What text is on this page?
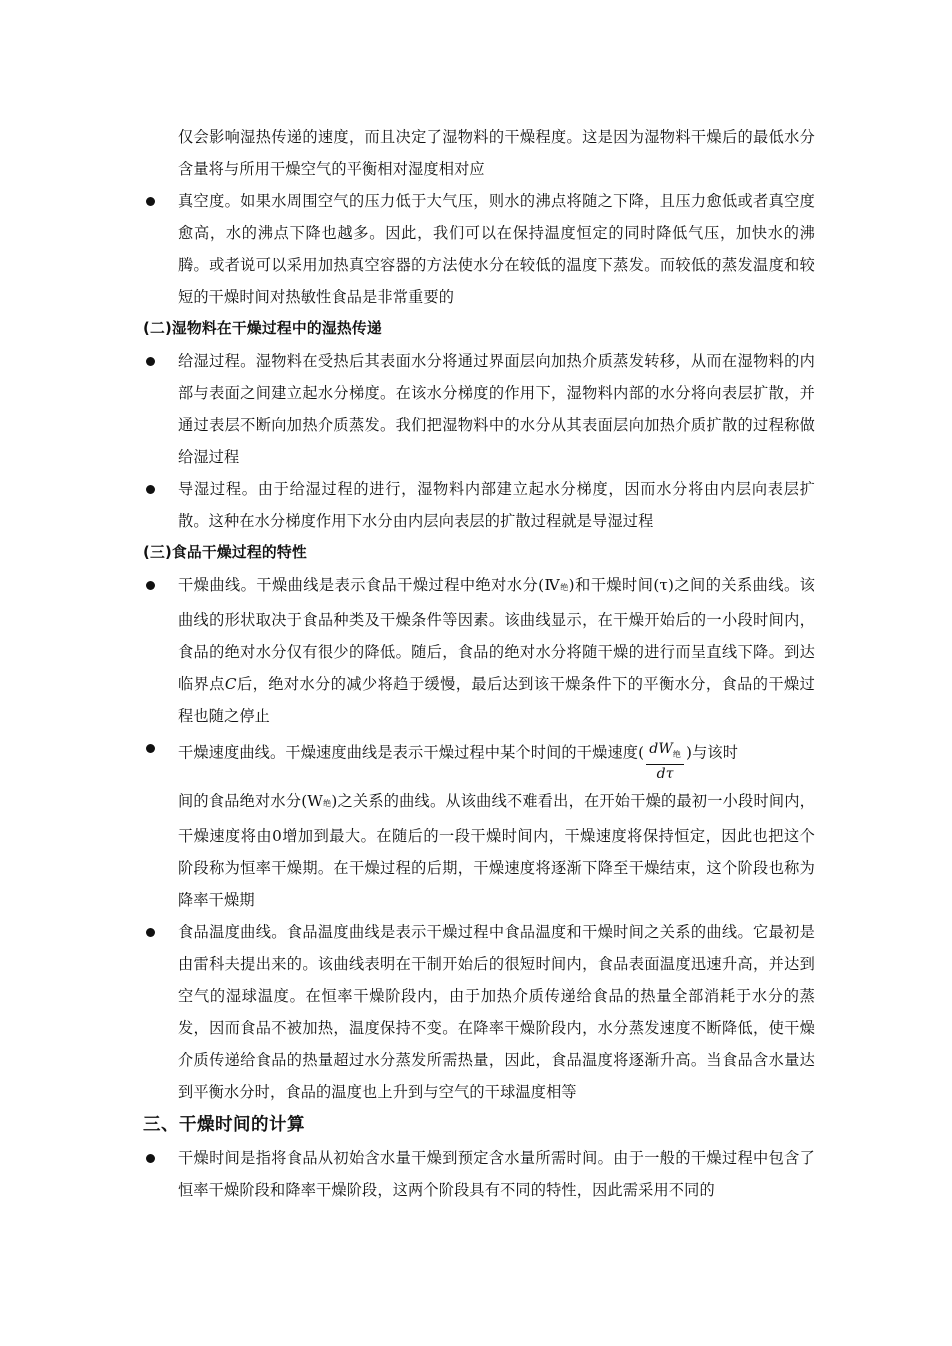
仅会影响湿热传递的速度，而且决定了湿物料的干燥程度。这是因为湿物料干燥后的最低水分含量将与所用干燥空气的平衡相对湿度相对应

真空度。如果水周围空气的压力低于大气压，则水的沸点将随之下降，且压力愈低或者真空度愈高，水的沸点下降也越多。因此，我们可以在保持温度恒定的同时降低气压，加快水的沸腾。或者说可以采用加热真空容器的方法使水分在较低的温度下蒸发。而较低的蒸发温度和较短的干燥时间对热敏性食品是非常重要的

(二)湿物料在干燥过程中的湿热传递

给湿过程。湿物料在受热后其表面水分将通过界面层向加热介质蒸发转移，从而在湿物料的内部与表面之间建立起水分梯度。在该水分梯度的作用下，湿物料内部的水分将向表层扩散，并通过表层不断向加热介质蒸发。我们把湿物料中的水分从其表面层向加热介质扩散的过程称做给湿过程

导湿过程。由于给湿过程的进行，湿物料内部建立起水分梯度，因而水分将由内层向表层扩散。这种在水分梯度作用下水分由内层向表层的扩散过程就是导湿过程

(三)食品干燥过程的特性

干燥曲线。干燥曲线是表示食品干燥过程中绝对水分(Ⅳ绝)和干燥时间(τ)之间的关系曲线。该曲线的形状取决于食品种类及干燥条件等因素。该曲线显示，在干燥开始后的一小段时间内，食品的绝对水分仅有很少的降低。随后，食品的绝对水分将随干燥的进行而呈直线下降。到达临界点C后，绝对水分的减少将趋于缓慢，最后达到该干燥条件下的平衡水分，食品的干燥过程也随之停止

干燥速度曲线。干燥速度曲线是表示干燥过程中某个时间的干燥速度( $\frac{dW_绝}{d\tau}$ )与该时

间的食品绝对水分(W绝)之关系的曲线。从该曲线不难看出，在开始干燥的最初一小段时间内，干燥速度将由0增加到最大。在随后的一段干燥时间内，干燥速度将保持恒定，因此也把这个阶段称为恒率干燥期。在干燥过程的后期，干燥速度将逐渐下降至干燥结束，这个阶段也称为降率干燥期

食品温度曲线。食品温度曲线是表示干燥过程中食品温度和干燥时间之关系的曲线。它最初是由雷科夫提出来的。该曲线表明在干制开始后的很短时间内，食品表面温度迅速升高，并达到空气的湿球温度。在恒率干燥阶段内，由于加热介质传递给食品的热量全部消耗于水分的蒸发，因而食品不被加热，温度保持不变。在降率干燥阶段内，水分蒸发速度不断降低，使干燥介质传递给食品的热量超过水分蒸发所需热量，因此，食品温度将逐渐升高。当食品含水量达到平衡水分时，食品的温度也上升到与空气的干球温度相等

三、干燥时间的计算

干燥时间是指将食品从初始含水量干燥到预定含水量所需时间。由于一般的干燥过程中包含了恒率干燥阶段和降率干燥阶段，这两个阶段具有不同的特性，因此需采用不同的
